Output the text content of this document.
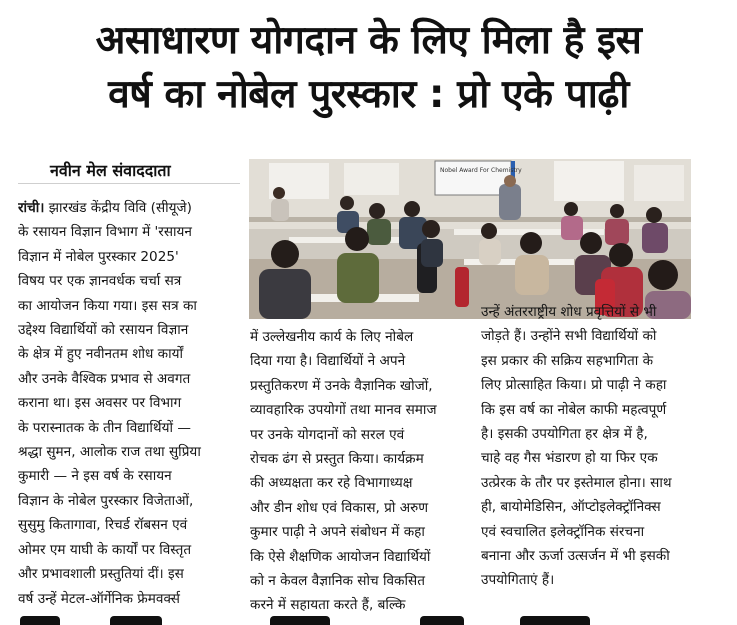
असाधारण योगदान के लिए मिला है इस
वर्ष का नोबेल पुरस्कार : प्रो एके पाढ़ी
नवीन मेल संवाददाता	Nobel Award For Chemistry
रांची। झारखंड केंद्रीय विवि (सीयूजे)
के रसायन विज्ञान विभाग में 'रसायन
विज्ञान में नोबेल पुरस्कार 2025'
विषय पर एक ज्ञानवर्धक चर्चा सत्र
का आयोजन किया गया। इस सत्र का
उद्देश्य विद्यार्थियों को रसायन विज्ञान
के क्षेत्र में हुए नवीनतम शोध कार्यों
और उनके वैश्विक प्रभाव से अवगत
कराना था। इस अवसर पर विभाग
के परास्नातक के तीन विद्यार्थियों —
श्रद्धा सुमन, आलोक राज तथा सुप्रिया
कुमारी — ने इस वर्ष के रसायन
विज्ञान के नोबेल पुरस्कार विजेताओं,
सुसुमु कितागावा, रिचर्ड रॉबसन एवं
ओमर एम याघी के कार्यों पर विस्तृत
और प्रभावशाली प्रस्तुतियां दीं। इस
वर्ष उन्हें मेटल-ऑर्गेनिक फ्रेमवर्क्स
में उल्लेखनीय कार्य के लिए नोबेल
दिया गया है। विद्यार्थियों ने अपने
प्रस्तुतिकरण में उनके वैज्ञानिक खोजों,
व्यावहारिक उपयोगों तथा मानव समाज
पर उनके योगदानों को सरल एवं
रोचक ढंग से प्रस्तुत किया। कार्यक्रम
की अध्यक्षता कर रहे विभागाध्यक्ष
और डीन शोध एवं विकास, प्रो अरुण
कुमार पाढ़ी ने अपने संबोधन में कहा
कि ऐसे शैक्षणिक आयोजन विद्यार्थियों
को न केवल वैज्ञानिक सोच विकसित
करने में सहायता करते हैं, बल्कि
उन्हें अंतरराष्ट्रीय शोध प्रवृत्तियों से भी
जोड़ते हैं। उन्होंने सभी विद्यार्थियों को
इस प्रकार की सक्रिय सहभागिता के
लिए प्रोत्साहित किया। प्रो पाढ़ी ने कहा
कि इस वर्ष का नोबेल काफी महत्वपूर्ण
है। इसकी उपयोगिता हर क्षेत्र में है,
चाहे वह गैस भंडारण हो या फिर एक
उत्प्रेरक के तौर पर इस्तेमाल होना। साथ
ही, बायोमेडिसिन, ऑप्टोइलेक्ट्रॉनिक्स
एवं स्वचालित इलेक्ट्रॉनिक संरचना
बनाना और ऊर्जा उत्सर्जन में भी इसकी
उपयोगिताएं हैं।
